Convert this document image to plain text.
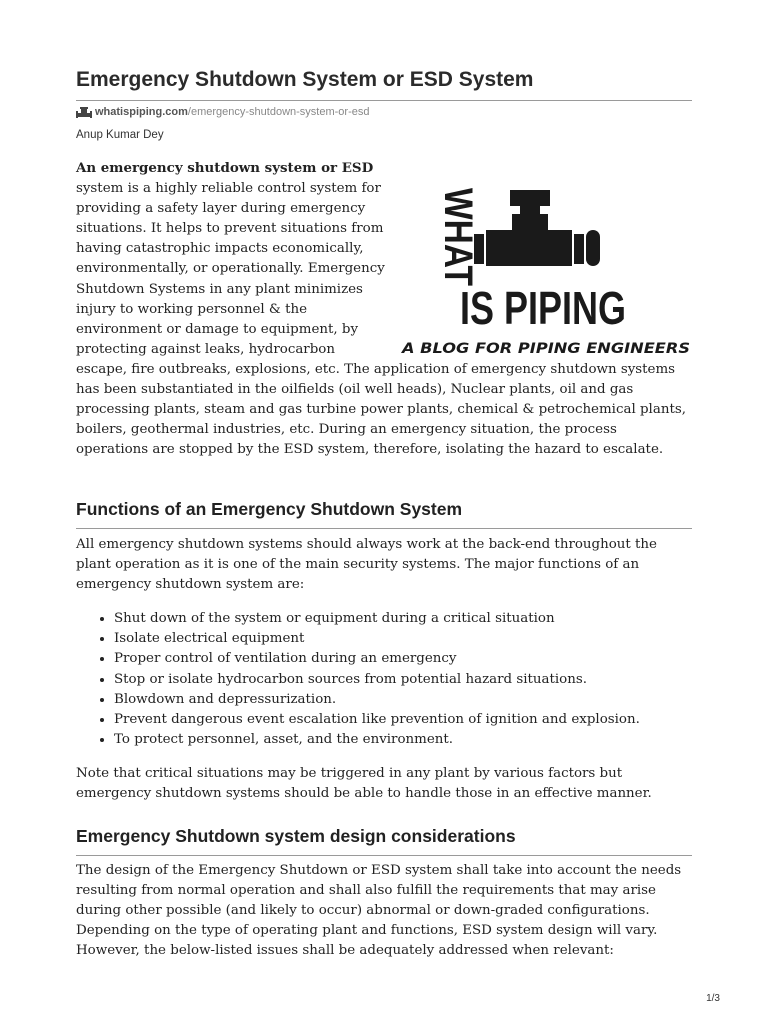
Emergency Shutdown System or ESD System
whatispiping.com /emergency-shutdown-system-or-esd
Anup Kumar Dey
WHAT
IS PIPING
A BLOG FOR PIPING ENGINEERS

An emergency shutdown system or ESD system is a highly reliable control system for providing a safety layer during emergency situations. It helps to prevent situations from having catastrophic impacts economically, environmentally, or operationally. Emergency Shutdown Systems in any plant minimizes injury to working personnel & the environment or damage to equipment, by protecting against leaks, hydrocarbon escape, fire outbreaks, explosions, etc. The application of emergency shutdown systems has been substantiated in the oilfields (oil well heads), Nuclear plants, oil and gas processing plants, steam and gas turbine power plants, chemical & petrochemical plants, boilers, geothermal industries, etc. During an emergency situation, the process operations are stopped by the ESD system, therefore, isolating the hazard to escalate.

Functions of an Emergency Shutdown System

All emergency shutdown systems should always work at the back-end throughout the plant operation as it is one of the main security systems. The major functions of an emergency shutdown system are:

• Shut down of the system or equipment during a critical situation
• Isolate electrical equipment
• Proper control of ventilation during an emergency
• Stop or isolate hydrocarbon sources from potential hazard situations.
• Blowdown and depressurization.
• Prevent dangerous event escalation like prevention of ignition and explosion.
• To protect personnel, asset, and the environment.

Note that critical situations may be triggered in any plant by various factors but emergency shutdown systems should be able to handle those in an effective manner.

Emergency Shutdown system design considerations

The design of the Emergency Shutdown or ESD system shall take into account the needs resulting from normal operation and shall also fulfill the requirements that may arise during other possible (and likely to occur) abnormal or down-graded configurations. Depending on the type of operating plant and functions, ESD system design will vary. However, the below-listed issues shall be adequately addressed when relevant:

1/3
